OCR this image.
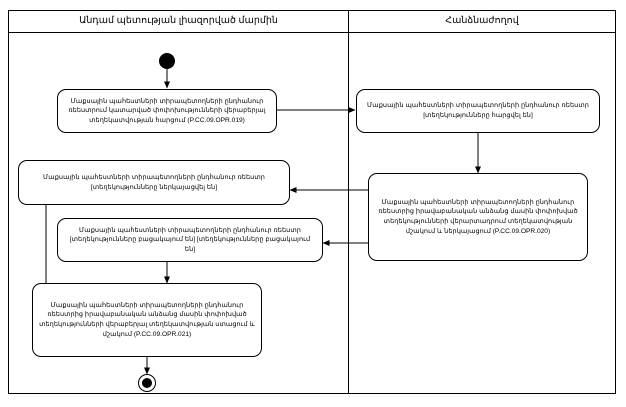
Անդամ պետության լիազորված մարմին	Հանձնաժողով
Մաքսային պահեստների տիրապետողների ընդհանուր ռեեստրում կատարված փոփոխությունների վերաբերյալ տեղեկատվության հարցում (P.CC.09.OPR.019)
Մաքսային պահեստների տիրապետողների ընդհանուր ռեեստր [տեղեկությունները հարցվել են]
Մաքսային պահեստների տիրապետողների ընդհանուր ռեեստր [տեղեկությունները ներկայացվել են]
Մաքսային պահեստների տիրապետողների ընդհանուր ռեեստրից իրավաբանական անձանց մասին փոփոխված տեղեկությունների վերարտադրում տեղեկատվության մշակում և ներկայացում (P.CC.09.OPR.020)
Մաքսային պահեստների տիրապետողների ընդհանուր ռեեստր [տեղեկությունները բացակայում են] [տեղեկությունները բացակայում են]
Մաքսային պահեստների տիրապետողների ընդհանուր ռեեստրից իրավաբանական անձանց մասին փոփոխված տեղեկությունների վերաբերյալ տեղեկատվության ստացում և մշակում (P.CC.09.OPR.021)
